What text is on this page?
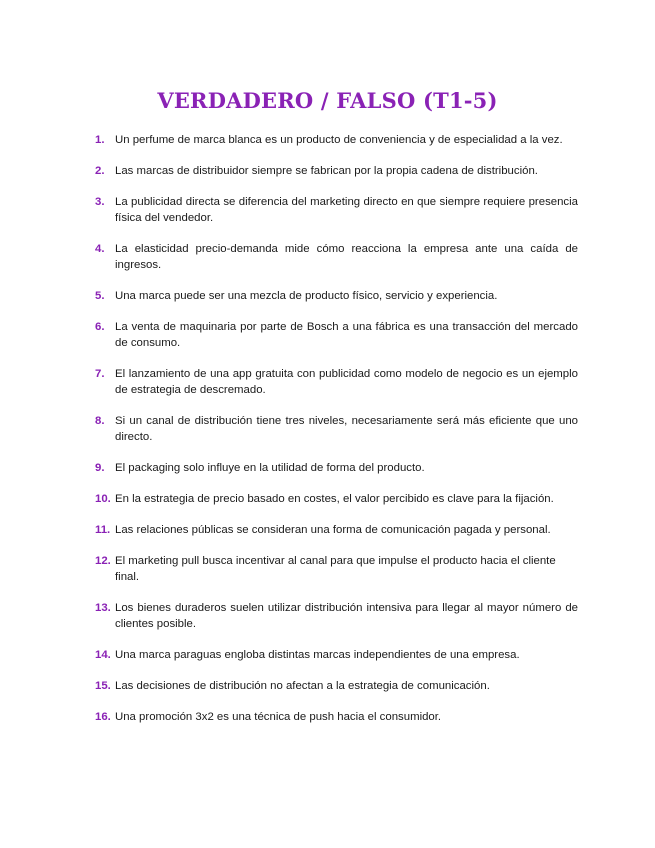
VERDADERO / FALSO (T1-5)
1. Un perfume de marca blanca es un producto de conveniencia y de especialidad a la vez.
2. Las marcas de distribuidor siempre se fabrican por la propia cadena de distribución.
3. La publicidad directa se diferencia del marketing directo en que siempre requiere presencia física del vendedor.
4. La elasticidad precio-demanda mide cómo reacciona la empresa ante una caída de ingresos.
5. Una marca puede ser una mezcla de producto físico, servicio y experiencia.
6. La venta de maquinaria por parte de Bosch a una fábrica es una transacción del mercado de consumo.
7. El lanzamiento de una app gratuita con publicidad como modelo de negocio es un ejemplo de estrategia de descremado.
8. Si un canal de distribución tiene tres niveles, necesariamente será más eficiente que uno directo.
9. El packaging solo influye en la utilidad de forma del producto.
10. En la estrategia de precio basado en costes, el valor percibido es clave para la fijación.
11. Las relaciones públicas se consideran una forma de comunicación pagada y personal.
12. El marketing pull busca incentivar al canal para que impulse el producto hacia el cliente final.
13. Los bienes duraderos suelen utilizar distribución intensiva para llegar al mayor número de clientes posible.
14. Una marca paraguas engloba distintas marcas independientes de una empresa.
15. Las decisiones de distribución no afectan a la estrategia de comunicación.
16. Una promoción 3x2 es una técnica de push hacia el consumidor.
